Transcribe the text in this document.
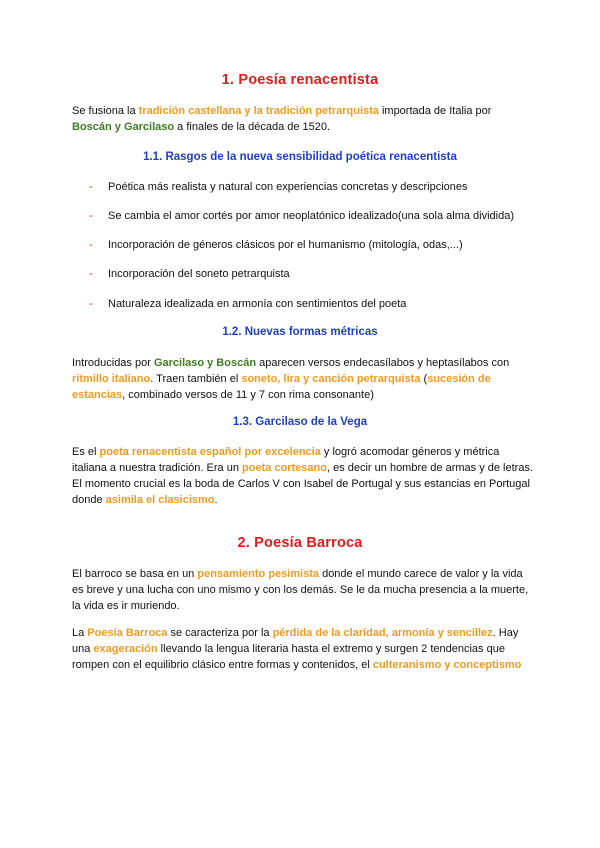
1. Poesía renacentista
Se fusiona la tradición castellana y la tradición petrarquista importada de Italia por Boscán y Garcilaso a finales de la década de 1520.
1.1. Rasgos de la nueva sensibilidad poética renacentista
- Poética más realista y natural con experiencias concretas y descripciones
- Se cambia el amor cortés por amor neoplatónico idealizado(una sola alma dividida)
- Incorporación de géneros clásicos por el humanismo (mitología, odas,...)
- Incorporación del soneto petrarquista
- Naturaleza idealizada en armonía con sentimientos del poeta
1.2. Nuevas formas métricas
Introducidas por Garcilaso y Boscán aparecen versos endecasílabos y heptasílabos con ritmillo italiano. Traen también el soneto, lira y canción petrarquista (sucesión de estancias, combinado versos de 11 y 7 con rima consonante)
1.3. Garcilaso de la Vega
Es el poeta renacentista español por excelencia y logró acomodar géneros y métrica italiana a nuestra tradición. Era un poeta cortesano, es decir un hombre de armas y de letras. El momento crucial es la boda de Carlos V con Isabel de Portugal y sus estancias en Portugal donde asimila el clasicismo.
2. Poesía Barroca
El barroco se basa en un pensamiento pesimista donde el mundo carece de valor y la vida es breve y una lucha con uno mismo y con los demás. Se le da mucha presencia a la muerte, la vida es ir muriendo.
La Poesía Barroca se caracteriza por la pérdida de la claridad, armonía y sencillez. Hay una exageración llevando la lengua literaria hasta el extremo y surgen 2 tendencias que rompen con el equilibrio clásico entre formas y contenidos, el culteranismo y conceptismo
